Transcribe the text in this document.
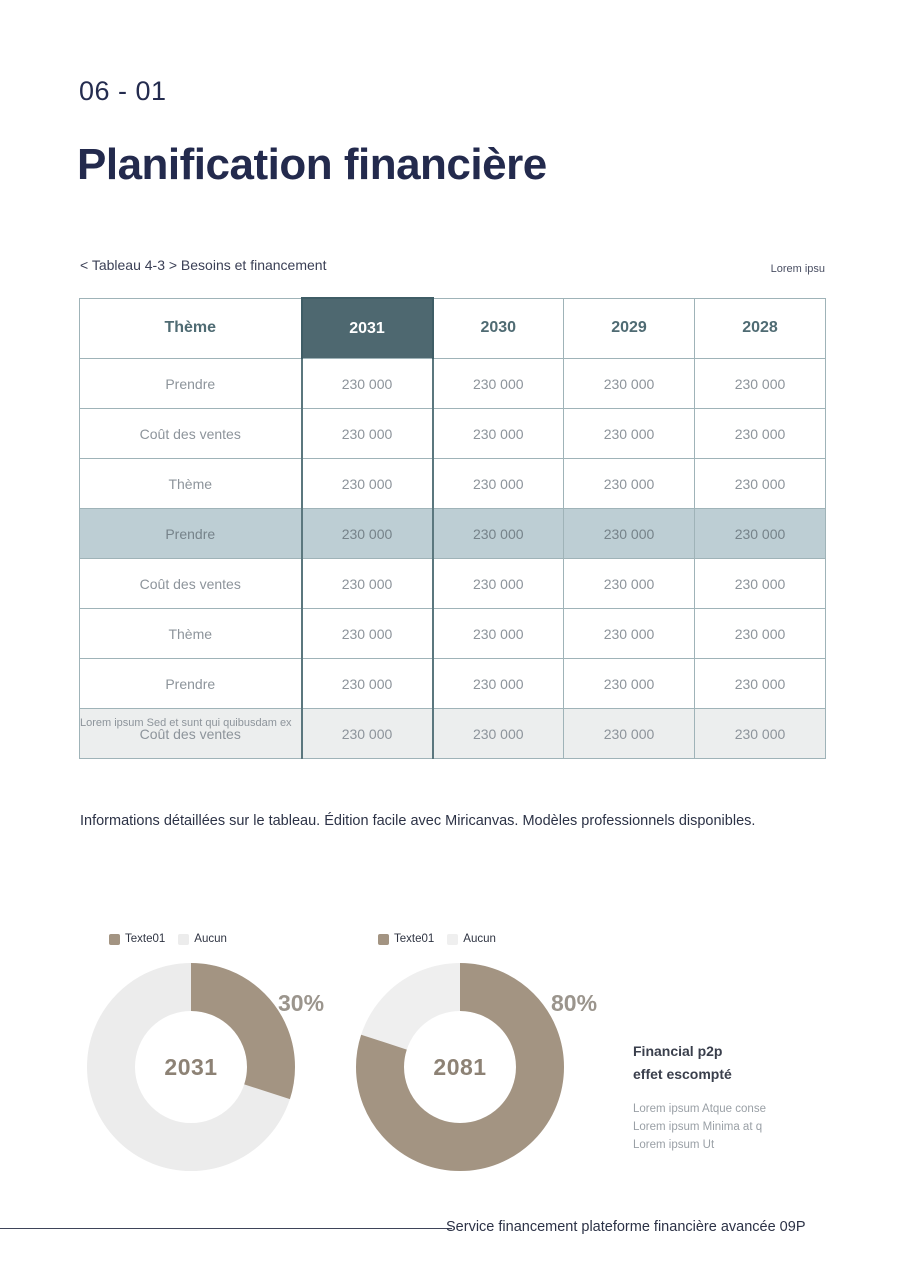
06 - 01
Planification financière
< Tableau 4-3 > Besoins et financement	Lorem ipsu
Thème	2031	2030	2029	2028
Prendre	230 000	230 000	230 000	230 000
Coût des ventes	230 000	230 000	230 000	230 000
Thème	230 000	230 000	230 000	230 000
Prendre	230 000	230 000	230 000	230 000
Coût des ventes	230 000	230 000	230 000	230 000
Thème	230 000	230 000	230 000	230 000
Prendre	230 000	230 000	230 000	230 000
Coût des ventes	230 000	230 000	230 000	230 000
Lorem ipsum Sed et sunt qui quibusdam ex
Informations détaillées sur le tableau. Édition facile avec Miricanvas. Modèles professionnels disponibles.
Texte01	Aucun
2031
30%
Texte01	Aucun
2081
80%
Financial p2p
effet escompté
Lorem ipsum Atque conse
Lorem ipsum Minima at q
Lorem ipsum Ut
Service financement plateforme financière avancée 09P
